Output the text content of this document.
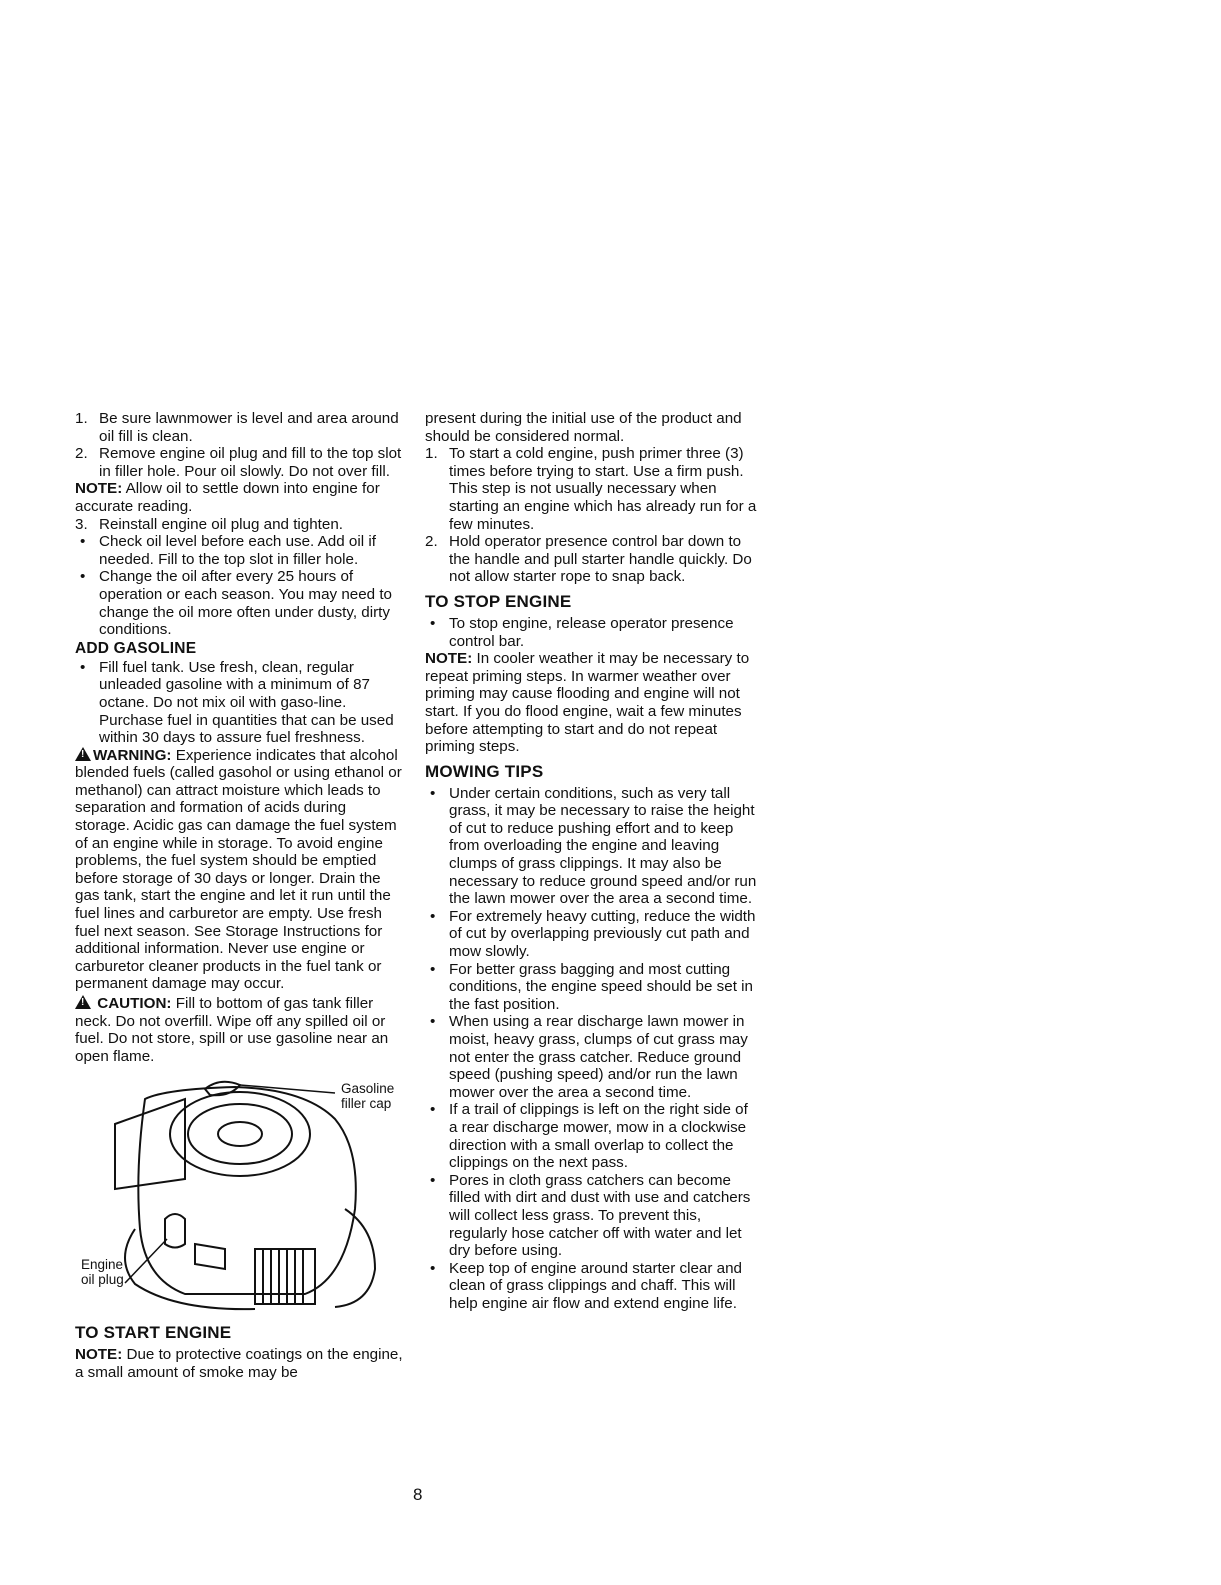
1. Be sure lawnmower is level and area around oil fill is clean.

2. Remove engine oil plug and fill to the top slot in filler hole. Pour oil slowly. Do not over fill.

NOTE: Allow oil to settle down into engine for accurate reading.

3. Reinstall engine oil plug and tighten.

• Check oil level before each use. Add oil if needed. Fill to the top slot in filler hole.

• Change the oil after every 25 hours of operation or each season. You may need to change the oil more often under dusty, dirty conditions.

ADD GASOLINE

• Fill fuel tank. Use fresh, clean, regular unleaded gasoline with a minimum of 87 octane. Do not mix oil with gaso-line. Purchase fuel in quantities that can be used within 30 days to assure fuel freshness.

!WARNING: Experience indicates that alcohol blended fuels (called gasohol or using ethanol or methanol) can attract moisture which leads to separation and formation of acids during storage. Acidic gas can damage the fuel system of an engine while in storage. To avoid engine problems, the fuel system should be emptied before storage of 30 days or longer. Drain the gas tank, start the engine and let it run until the fuel lines and carburetor are empty. Use fresh fuel next season. See Storage Instructions for additional information. Never use engine or carburetor cleaner products in the fuel tank or permanent damage may occur.

! CAUTION: Fill to bottom of gas tank filler neck. Do not overfill. Wipe off any spilled oil or fuel. Do not store, spill or use gasoline near an open flame.

Gasoline
filler cap
Engine
oil plug

TO START ENGINE

NOTE: Due to protective coatings on the engine, a small amount of smoke may be

present during the initial use of the product and should be considered normal.

1. To start a cold engine, push primer three (3) times before trying to start. Use a firm push. This step is not usually necessary when starting an engine which has already run for a few minutes.

2. Hold operator presence control bar down to the handle and pull starter handle quickly. Do not allow starter rope to snap back.

TO STOP ENGINE

• To stop engine, release operator presence control bar.

NOTE: In cooler weather it may be necessary to repeat priming steps. In warmer weather over priming may cause flooding and engine will not start. If you do flood engine, wait a few minutes before attempting to start and do not repeat priming steps.

MOWING TIPS

• Under certain conditions, such as very tall grass, it may be necessary to raise the height of cut to reduce pushing effort and to keep from overloading the engine and leaving clumps of grass clippings. It may also be necessary to reduce ground speed and/or run the lawn mower over the area a second time.

• For extremely heavy cutting, reduce the width of cut by overlapping previously cut path and mow slowly.

• For better grass bagging and most cutting conditions, the engine speed should be set in the fast position.

• When using a rear discharge lawn mower in moist, heavy grass, clumps of cut grass may not enter the grass catcher. Reduce ground speed (pushing speed) and/or run the lawn mower over the area a second time.

• If a trail of clippings is left on the right side of a rear discharge mower, mow in a clockwise direction with a small overlap to collect the clippings on the next pass.

• Pores in cloth grass catchers can become filled with dirt and dust with use and catchers will collect less grass. To prevent this, regularly hose catcher off with water and let dry before using.

• Keep top of engine around starter clear and clean of grass clippings and chaff. This will help engine air flow and extend engine life.

8
